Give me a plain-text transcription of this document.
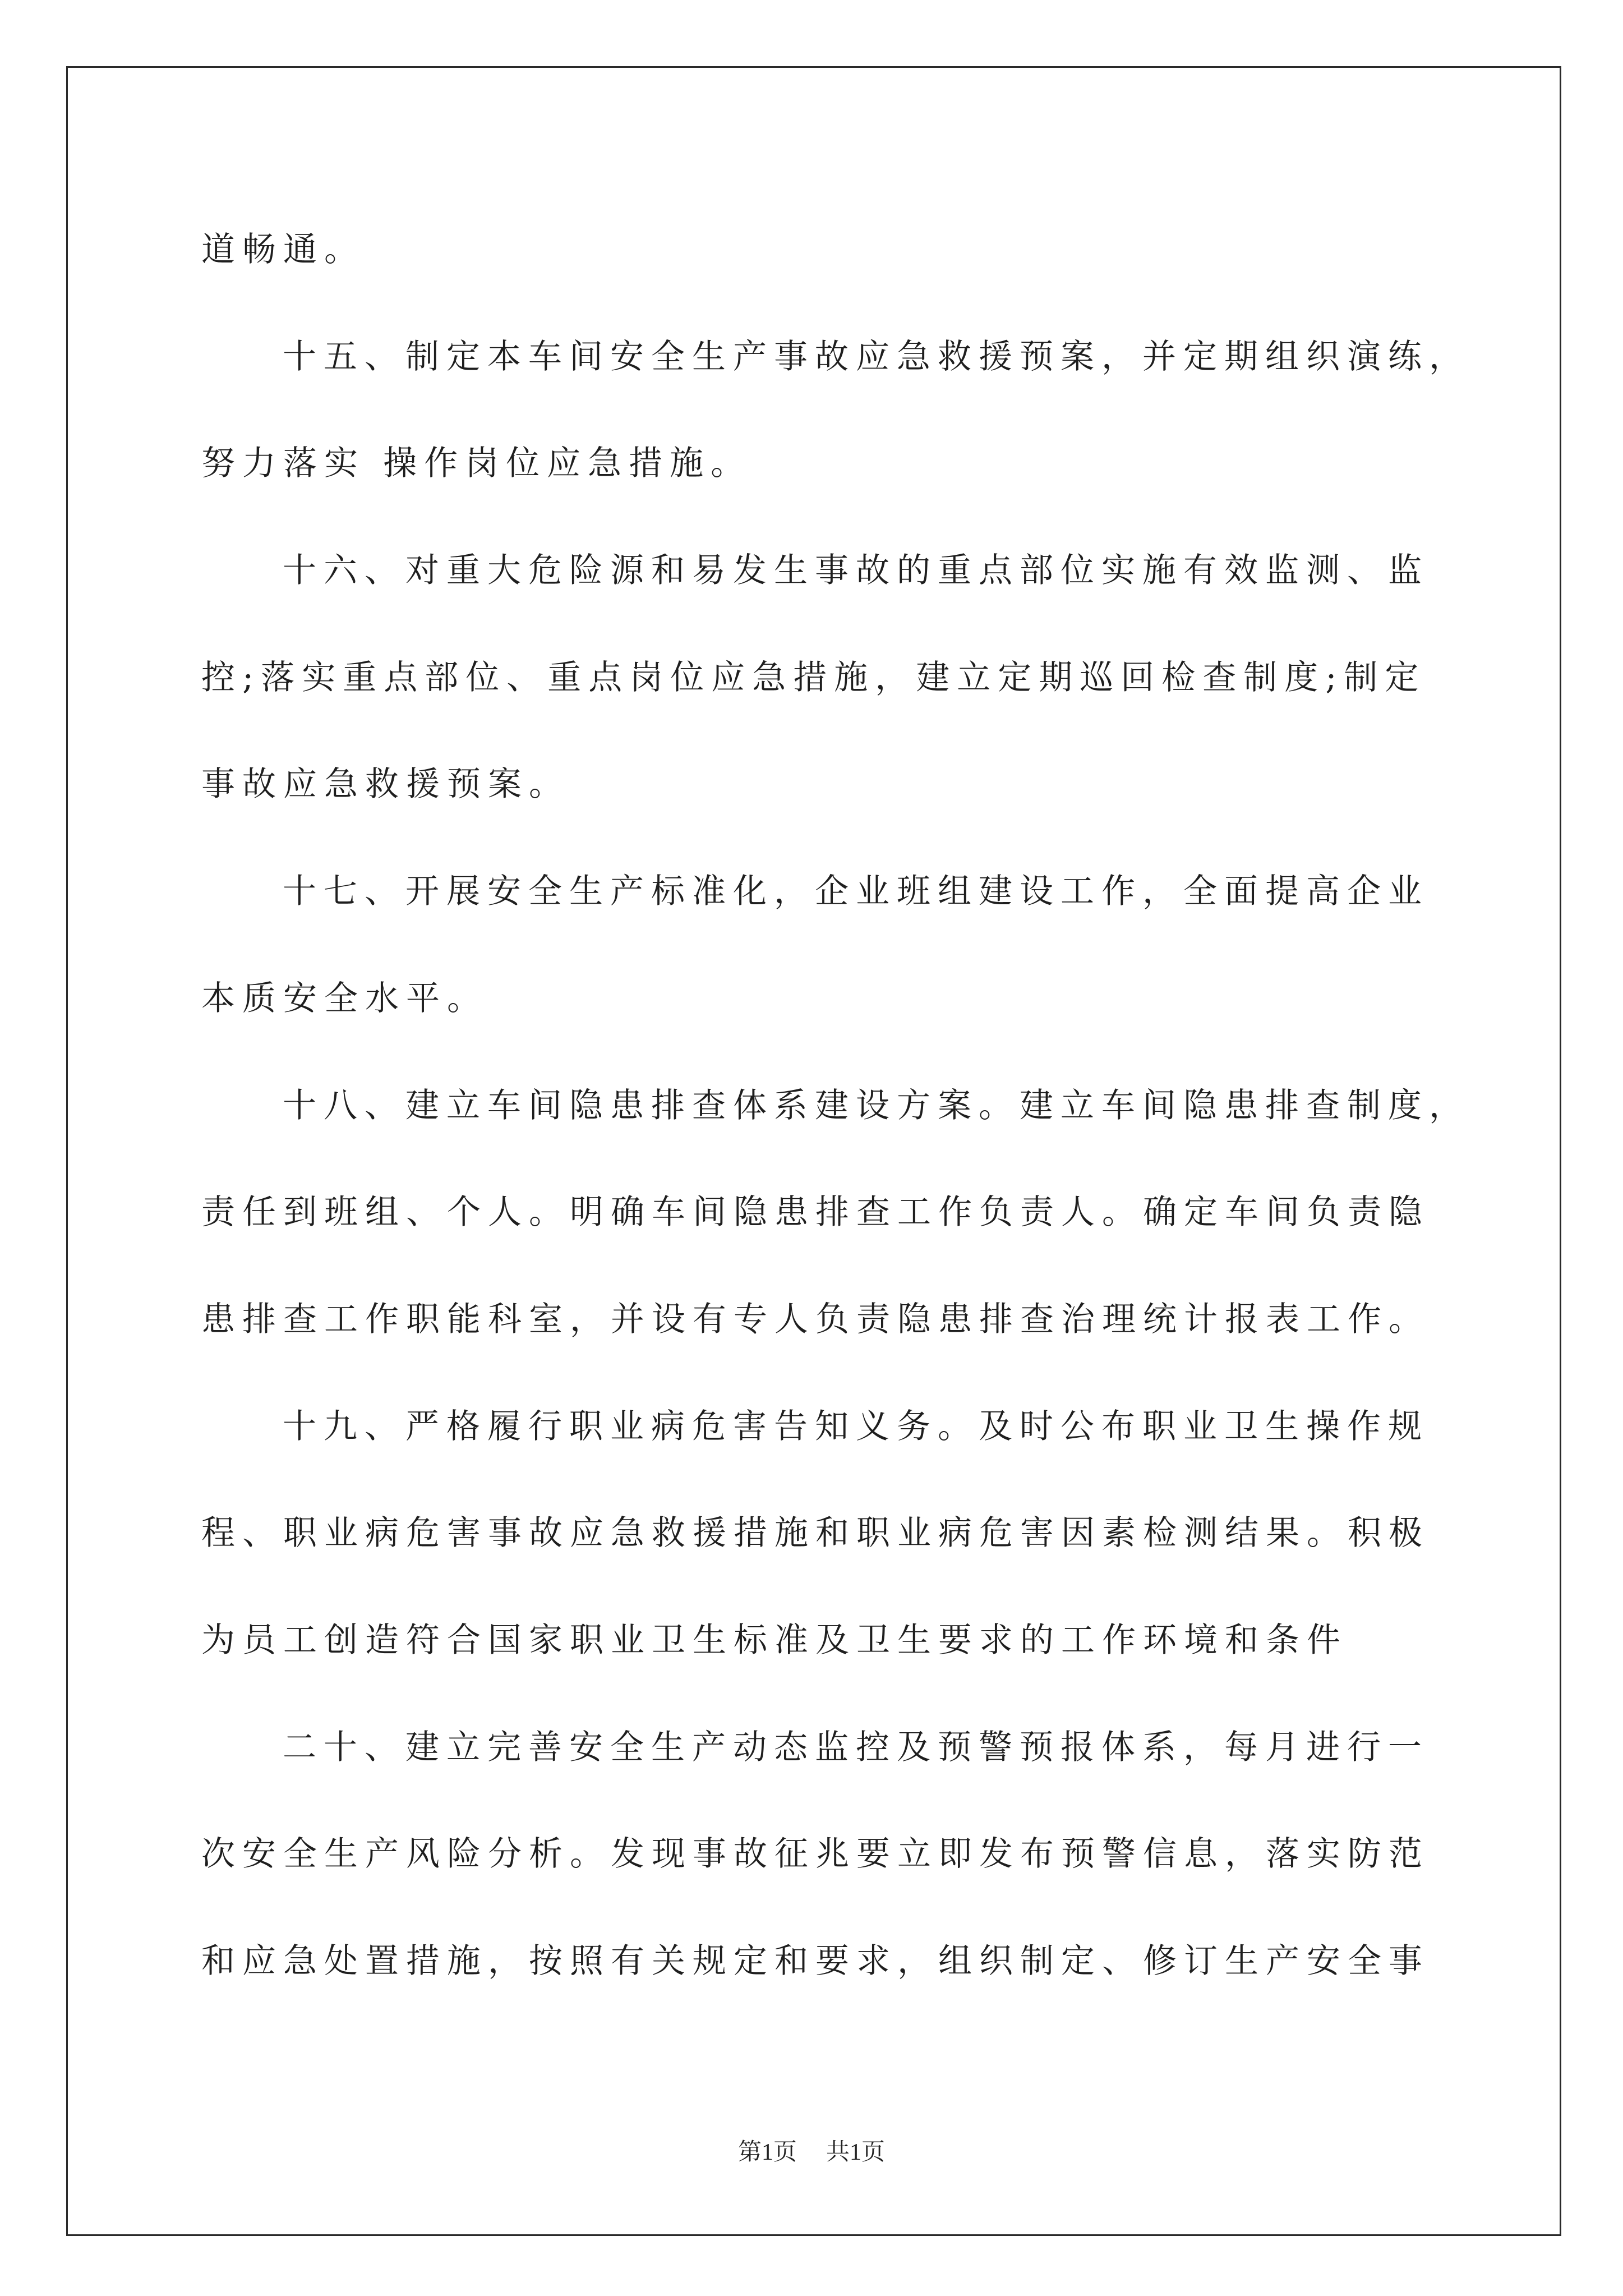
道畅通。
十五、制定本车间安全生产事故应急救援预案，并定期组织演练，
努力落实 操作岗位应急措施。
十六、对重大危险源和易发生事故的重点部位实施有效监测、监
控;落实重点部位、重点岗位应急措施，建立定期巡回检查制度;制定
事故应急救援预案。
十七、开展安全生产标准化，企业班组建设工作，全面提高企业
本质安全水平。
十八、建立车间隐患排查体系建设方案。建立车间隐患排查制度，
责任到班组、个人。明确车间隐患排查工作负责人。确定车间负责隐
患排查工作职能科室，并设有专人负责隐患排查治理统计报表工作。
十九、严格履行职业病危害告知义务。及时公布职业卫生操作规
程、职业病危害事故应急救援措施和职业病危害因素检测结果。积极
为员工创造符合国家职业卫生标准及卫生要求的工作环境和条件
二十、建立完善安全生产动态监控及预警预报体系，每月进行一
次安全生产风险分析。发现事故征兆要立即发布预警信息，落实防范
和应急处置措施，按照有关规定和要求，组织制定、修订生产安全事
第1页 共1页
